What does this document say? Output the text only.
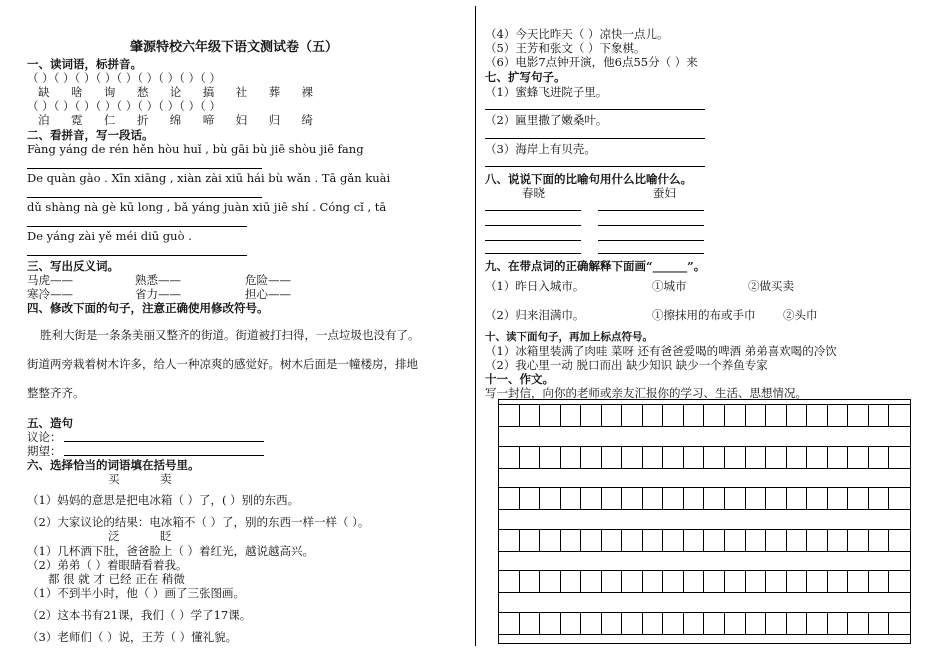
肇源特校六年级下语文测试卷（五）
一、读词语，标拼音。
（ ）（ ）（ ）（ ）（ ）（ ）（ ）（ ）（ ）
缺 啥 询 愁 论 搞 社 葬 裸
（ ）（ ）（ ）（ ）（ ）（ ）（ ）（ ）（ ）
泊 霓 仁 折 绵 啼 妇 归 绮
二、看拼音，写一段话。
Fàng yáng de rén hěn hòu huǐ , bù gāi bù jiē shòu jiē fang
De quàn gào . Xīn xiāng , xiàn zài xiū hái bù wǎn . Tā gǎn kuài
dǔ shàng nà gè kū long , bǎ yáng juàn xiū jiē shí . Cóng cǐ , tā
De yáng zài yě méi diū guò .
三、写出反义词。
马虎——	熟悉——	危险——
寒冷——	省力——	担心——
四、修改下面的句子，注意正确使用修改符号。
胜利大街是一条条美丽又整齐的街道。街道被打扫得，一点垃圾也没有了。
街道两旁栽着树木许多，给人一种凉爽的感觉好。树木后面是一幢楼房，排地
整整齐齐。
五、造句
议论：
期望：
六、选择恰当的词语填在括号里。
买	卖
（1）妈妈的意思是把电冰箱（ ）了，( ）别的东西。
（2）大家议论的结果：电冰箱不（ ）了，别的东西一样一样（ ）。
泛	眨
（1）几杯酒下肚，爸爸脸上（ ）着红光，越说越高兴。
（2）弟弟（ ）着眼睛看着我。
都 很 就 才 已经 正在 稍微
（1）不到半小时，他（ ）画了三张图画。
（2）这本书有21课，我们（ ）学了17课。
（3）老师们（ ）说，王芳（ ）懂礼貌。
（4）今天比昨天（ ）凉快一点儿。
（5）王芳和张文（ ）下象棋。
（6）电影7点钟开演，他6点55分（ ）来
七、扩写句子。
（1）蜜蜂飞进院子里。
（2）匾里撒了嫩桑叶。
（3）海岸上有贝壳。
八、说说下面的比喻句用什么比喻什么。
春晓	蚕妇
九、在带点词的正确解释下面画“______”。
（1）昨日入城市。	①城市	②做买卖
（2）归来泪满巾。	①擦抹用的布或手巾 ②头巾
十、读下面句子，再加上标点符号。
（1）冰箱里装满了肉哇 菜呀 还有爸爸爱喝的啤酒 弟弟喜欢喝的冷饮
（2）我心里一动 脱口而出 缺少知识 缺少一个养鱼专家
十一、作文。
写一封信，向你的老师或亲友汇报你的学习、生活、思想情况。
